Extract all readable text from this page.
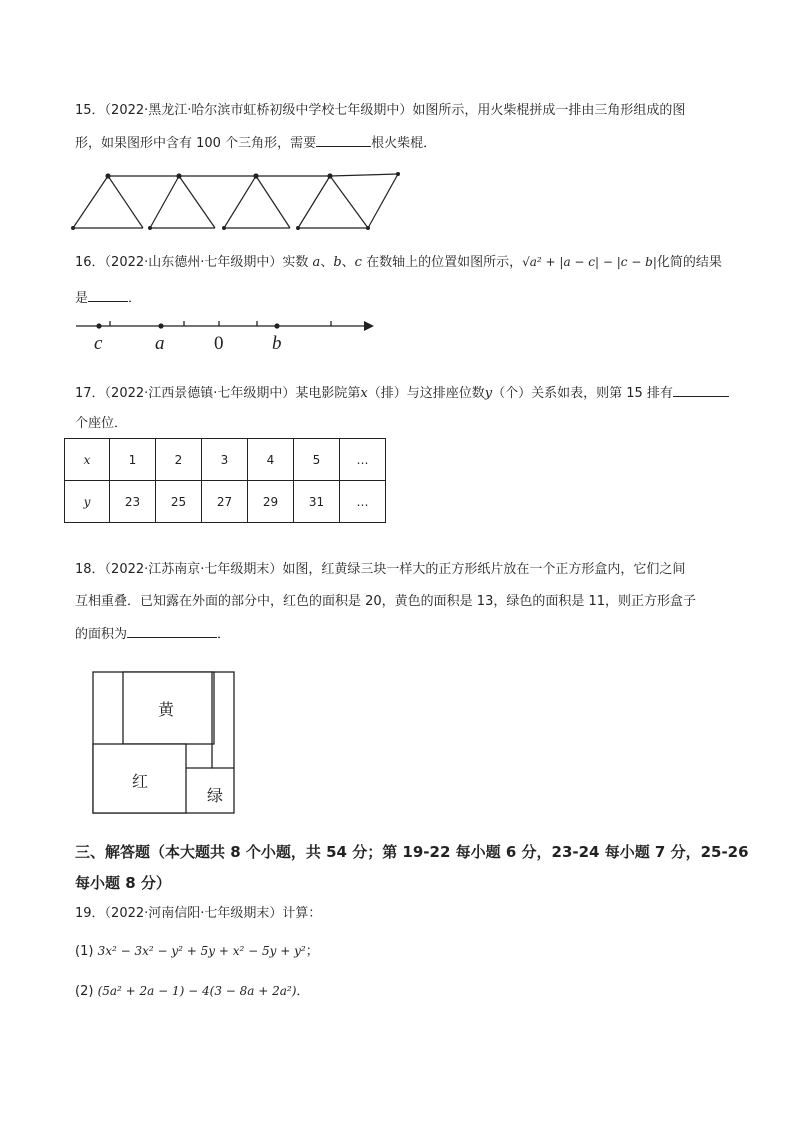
15．（2022·黑龙江·哈尔滨市虹桥初级中学校七年级期中）如图所示，用火柴棍拼成一排由三角形组成的图
形，如果图形中含有 100 个三角形，需要	根火柴棍．
16．（2022·山东德州·七年级期中）实数 a、b、c 在数轴上的位置如图所示，√a² + |a − c| − |c − b|化简的结果
是	．
c	a	0	b
17．（2022·江西景德镇·七年级期中）某电影院第x（排）与这排座位数y（个）关系如表，则第 15 排有
个座位．
x	1	2	3	4	5	…
y	23	25	27	29	31	…
18．（2022·江苏南京·七年级期末）如图，红黄绿三块一样大的正方形纸片放在一个正方形盒内，它们之间
互相重叠．已知露在外面的部分中，红色的面积是 20，黄色的面积是 13，绿色的面积是 11，则正方形盒子
的面积为	．
黄
红
绿
三、解答题（本大题共 8 个小题，共 54 分；第 19-22 每小题 6 分，23-24 每小题 7 分，25-26
每小题 8 分）
19．（2022·河南信阳·七年级期末）计算：
(1) 3x² − 3x² − y² + 5y + x² − 5y + y²；
(2) (5a² + 2a − 1) − 4(3 − 8a + 2a²)．
